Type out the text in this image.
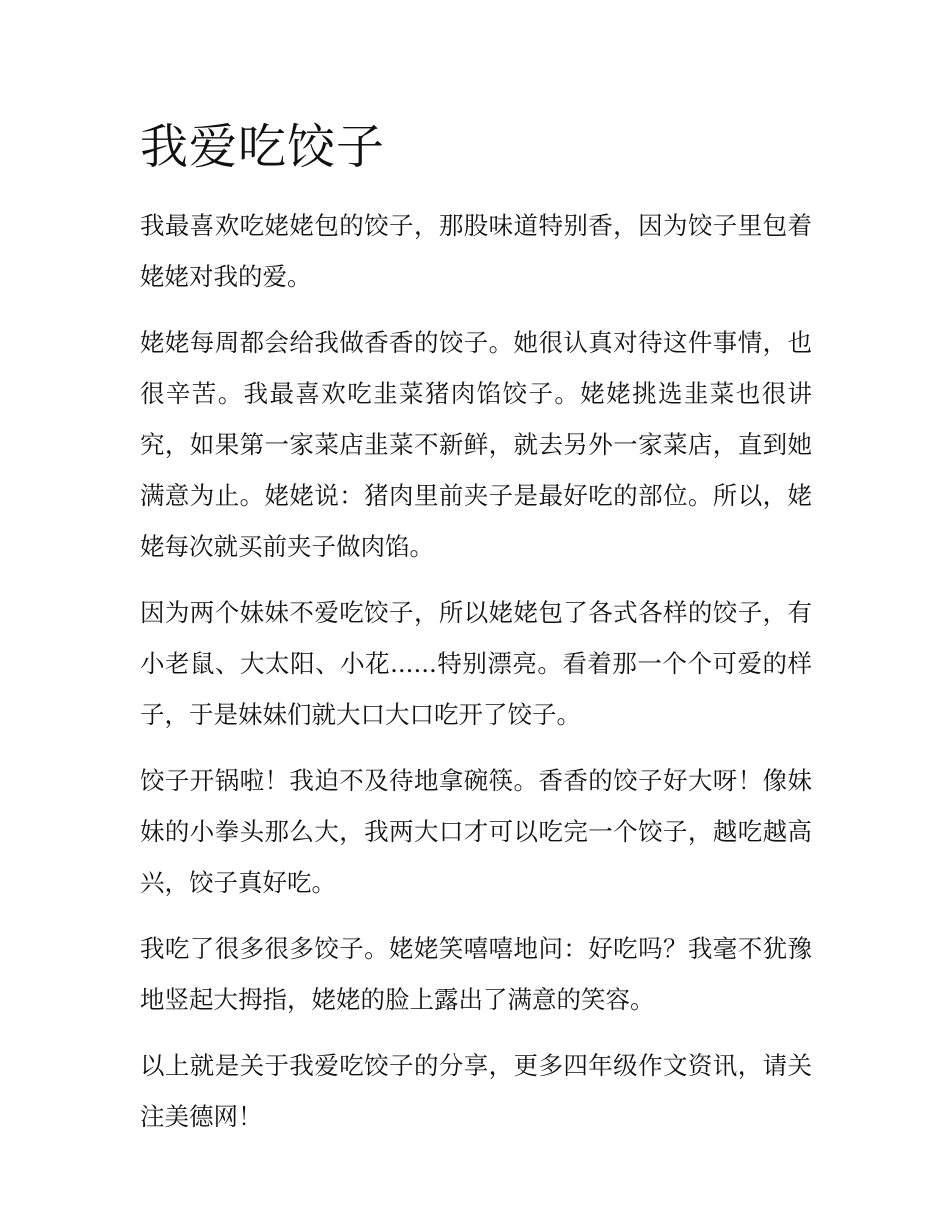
我爱吃饺子

我最喜欢吃姥姥包的饺子，那股味道特别香，因为饺子里包着姥姥对我的爱。

姥姥每周都会给我做香香的饺子。她很认真对待这件事情，也很辛苦。我最喜欢吃韭菜猪肉馅饺子。姥姥挑选韭菜也很讲究，如果第一家菜店韭菜不新鲜，就去另外一家菜店，直到她满意为止。姥姥说：猪肉里前夹子是最好吃的部位。所以，姥姥每次就买前夹子做肉馅。

因为两个妹妹不爱吃饺子，所以姥姥包了各式各样的饺子，有小老鼠、大太阳、小花......特别漂亮。看着那一个个可爱的样子，于是妹妹们就大口大口吃开了饺子。

饺子开锅啦！我迫不及待地拿碗筷。香香的饺子好大呀！像妹妹的小拳头那么大，我两大口才可以吃完一个饺子，越吃越高兴，饺子真好吃。

我吃了很多很多饺子。姥姥笑嘻嘻地问：好吃吗？我毫不犹豫地竖起大拇指，姥姥的脸上露出了满意的笑容。

以上就是关于我爱吃饺子的分享，更多四年级作文资讯，请关注美德网！
